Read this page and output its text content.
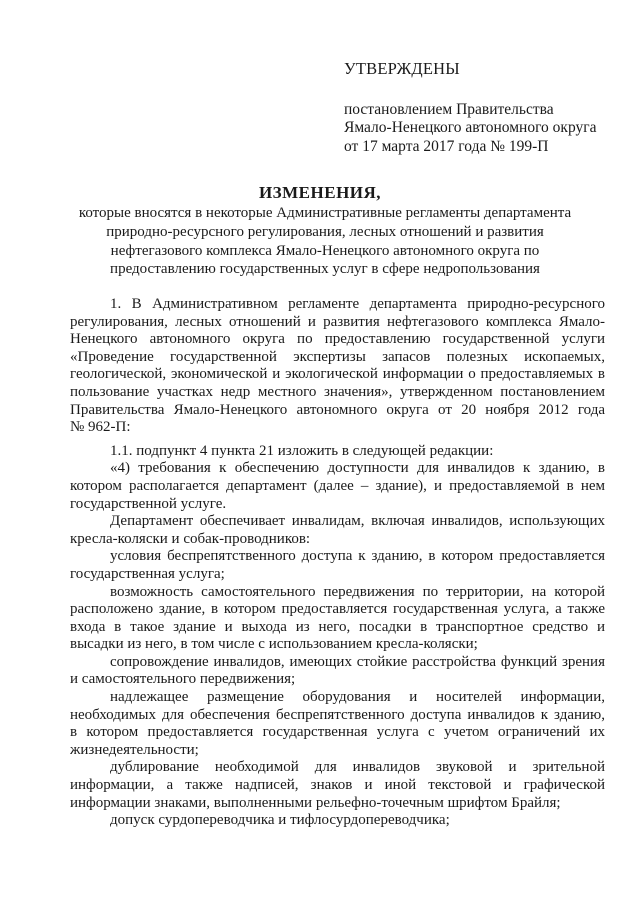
УТВЕРЖДЕНЫ
постановлением Правительства
Ямало-Ненецкого автономного округа
от 17 марта 2017 года № 199-П
ИЗМЕНЕНИЯ,
которые вносятся в некоторые Административные регламенты департамента
природно-ресурсного регулирования, лесных отношений и развития
нефтегазового комплекса Ямало-Ненецкого автономного округа по
предоставлению государственных услуг в сфере недропользования
1. В Административном регламенте департамента природно-ресурсного
регулирования, лесных отношений и развития нефтегазового комплекса Ямало-
Ненецкого автономного округа по предоставлению государственной услуги
«Проведение государственной экспертизы запасов полезных ископаемых,
геологической, экономической и экологической информации о предоставляемых в
пользование участках недр местного значения», утвержденном постановлением
Правительства Ямало-Ненецкого автономного округа от 20 ноября 2012 года
№ 962-П:
1.1. подпункт 4 пункта 21 изложить в следующей редакции:
«4) требования к обеспечению доступности для инвалидов к зданию, в
котором располагается департамент (далее – здание), и предоставляемой в нем
государственной услуге.
Департамент обеспечивает инвалидам, включая инвалидов, использующих
кресла-коляски и собак-проводников:
условия беспрепятственного доступа к зданию, в котором предоставляется
государственная услуга;
возможность самостоятельного передвижения по территории, на которой
расположено здание, в котором предоставляется государственная услуга, а также
входа в такое здание и выхода из него, посадки в транспортное средство и
высадки из него, в том числе с использованием кресла-коляски;
сопровождение инвалидов, имеющих стойкие расстройства функций зрения
и самостоятельного передвижения;
надлежащее размещение оборудования и носителей информации,
необходимых для обеспечения беспрепятственного доступа инвалидов к зданию,
в котором предоставляется государственная услуга с учетом ограничений их
жизнедеятельности;
дублирование необходимой для инвалидов звуковой и зрительной
информации, а также надписей, знаков и иной текстовой и графической
информации знаками, выполненными рельефно-точечным шрифтом Брайля;
допуск сурдопереводчика и тифлосурдопереводчика;
